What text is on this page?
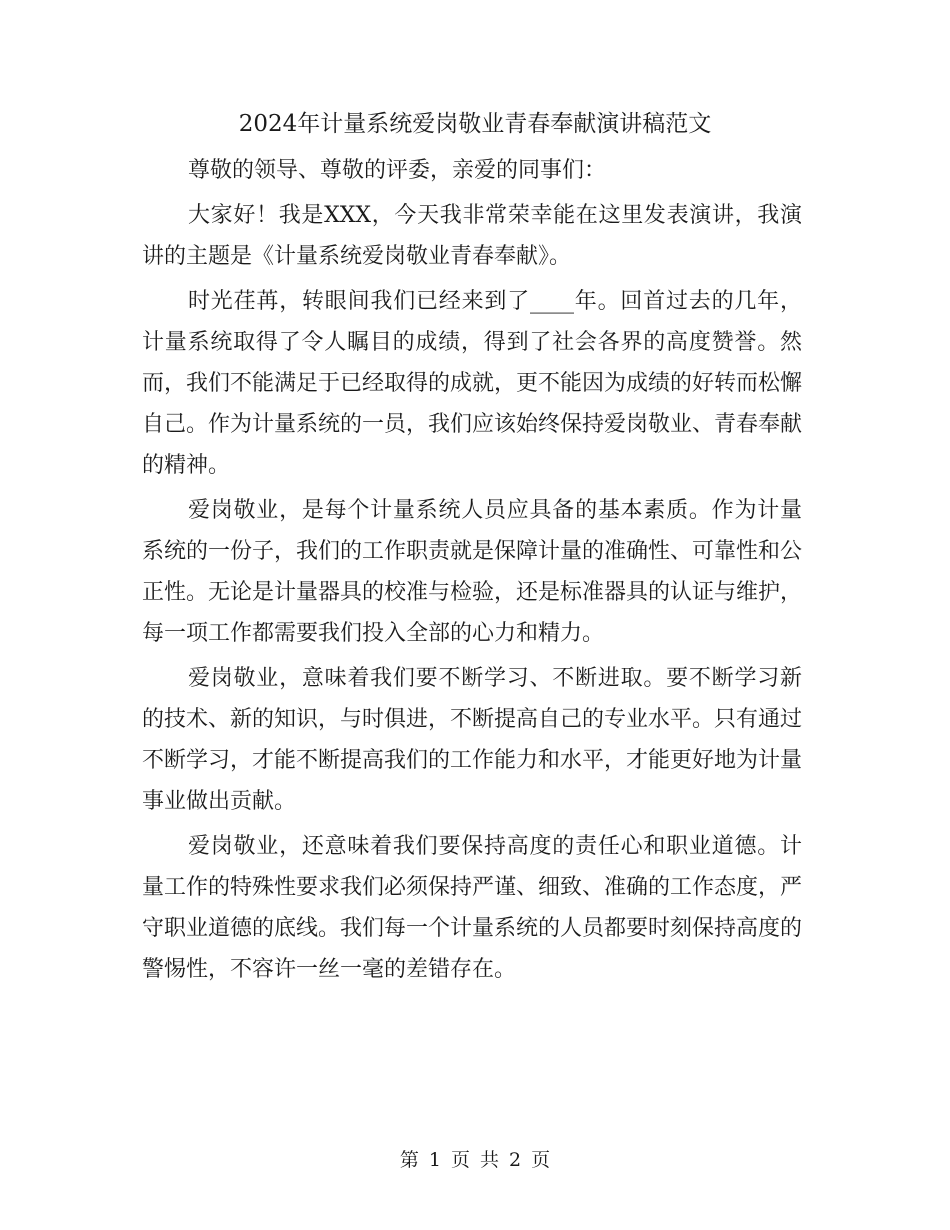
2024年计量系统爱岗敬业青春奉献演讲稿范文

尊敬的领导、尊敬的评委，亲爱的同事们：

大家好！我是XXX，今天我非常荣幸能在这里发表演讲，我演讲的主题是《计量系统爱岗敬业青春奉献》。

时光荏苒，转眼间我们已经来到了____年。回首过去的几年，计量系统取得了令人瞩目的成绩，得到了社会各界的高度赞誉。然而，我们不能满足于已经取得的成就，更不能因为成绩的好转而松懈自己。作为计量系统的一员，我们应该始终保持爱岗敬业、青春奉献的精神。

爱岗敬业，是每个计量系统人员应具备的基本素质。作为计量系统的一份子，我们的工作职责就是保障计量的准确性、可靠性和公正性。无论是计量器具的校准与检验，还是标准器具的认证与维护，每一项工作都需要我们投入全部的心力和精力。

爱岗敬业，意味着我们要不断学习、不断进取。要不断学习新的技术、新的知识，与时俱进，不断提高自己的专业水平。只有通过不断学习，才能不断提高我们的工作能力和水平，才能更好地为计量事业做出贡献。

爱岗敬业，还意味着我们要保持高度的责任心和职业道德。计量工作的特殊性要求我们必须保持严谨、细致、准确的工作态度，严守职业道德的底线。我们每一个计量系统的人员都要时刻保持高度的警惕性，不容许一丝一毫的差错存在。

第 1 页 共 2 页
